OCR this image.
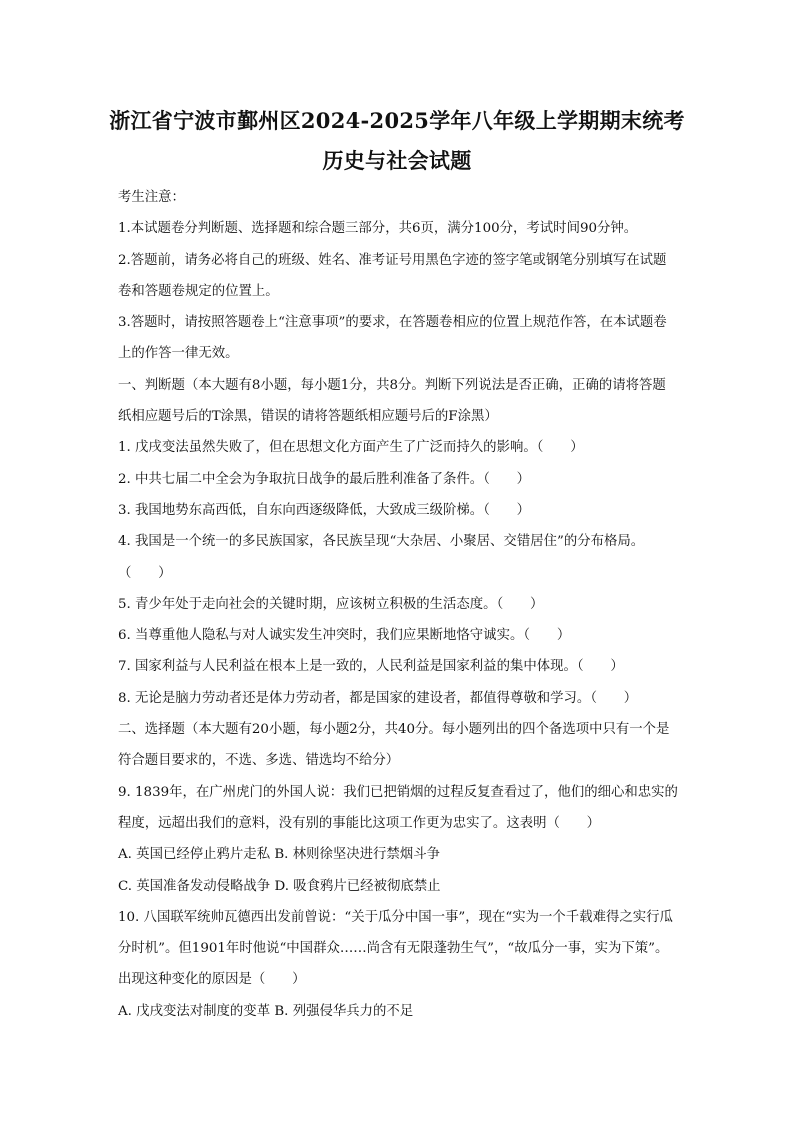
浙江省宁波市鄞州区2024-2025学年八年级上学期期末统考
历史与社会试题

考生注意：

1.本试题卷分判断题、选择题和综合题三部分，共6页，满分100分，考试时间90分钟。

2.答题前，请务必将自己的班级、姓名、准考证号用黑色字迹的签字笔或钢笔分别填写在试题卷和答题卷规定的位置上。

3.答题时，请按照答题卷上“注意事项”的要求，在答题卷相应的位置上规范作答，在本试题卷上的作答一律无效。

一、判断题（本大题有8小题，每小题1分，共8分。判断下列说法是否正确，正确的请将答题纸相应题号后的T涂黑，错误的请将答题纸相应题号后的F涂黑）

1. 戊戌变法虽然失败了，但在思想文化方面产生了广泛而持久的影响。（　　）

2. 中共七届二中全会为争取抗日战争的最后胜利准备了条件。（　　）

3. 我国地势东高西低，自东向西逐级降低，大致成三级阶梯。（　　）

4. 我国是一个统一的多民族国家，各民族呈现“大杂居、小聚居、交错居住”的分布格局。（　　）

5. 青少年处于走向社会的关键时期，应该树立积极的生活态度。（　　）

6. 当尊重他人隐私与对人诚实发生冲突时，我们应果断地恪守诚实。（　　）

7. 国家利益与人民利益在根本上是一致的，人民利益是国家利益的集中体现。（　　）

8. 无论是脑力劳动者还是体力劳动者，都是国家的建设者，都值得尊敬和学习。（　　）

二、选择题（本大题有20小题，每小题2分，共40分。每小题列出的四个备选项中只有一个是符合题目要求的，不选、多选、错选均不给分）

9. 1839年，在广州虎门的外国人说：我们已把销烟的过程反复查看过了，他们的细心和忠实的程度，远超出我们的意料，没有别的事能比这项工作更为忠实了。这表明（　　）

A. 英国已经停止鸦片走私 B. 林则徐坚决进行禁烟斗争

C. 英国准备发动侵略战争 D. 吸食鸦片已经被彻底禁止

10. 八国联军统帅瓦德西出发前曾说：“关于瓜分中国一事”，现在“实为一个千载难得之实行瓜分时机”。但1901年时他说“中国群众……尚含有无限蓬勃生气”，“故瓜分一事，实为下策”。出现这种变化的原因是（　　）

A. 戊戌变法对制度的变革 B. 列强侵华兵力的不足
